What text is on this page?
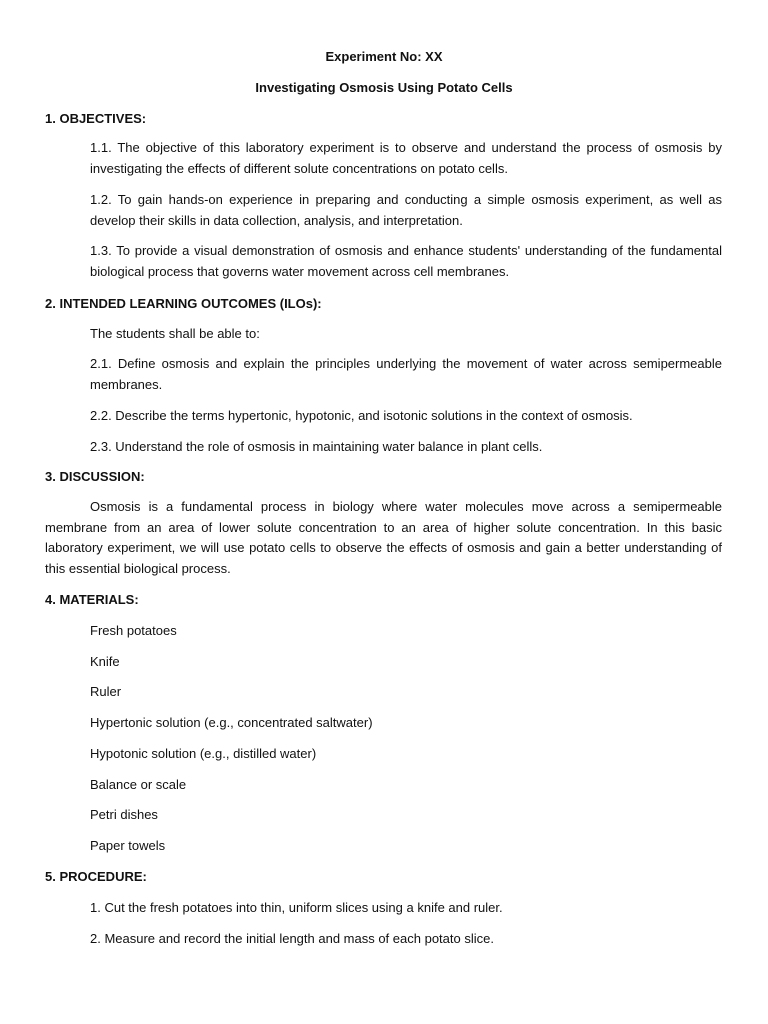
Experiment No: XX
Investigating Osmosis Using Potato Cells
1. OBJECTIVES:
1.1. The objective of this laboratory experiment is to observe and understand the process of osmosis by investigating the effects of different solute concentrations on potato cells.
1.2. To gain hands-on experience in preparing and conducting a simple osmosis experiment, as well as develop their skills in data collection, analysis, and interpretation.
1.3. To provide a visual demonstration of osmosis and enhance students' understanding of the fundamental biological process that governs water movement across cell membranes.
2. INTENDED LEARNING OUTCOMES (ILOs):
The students shall be able to:
2.1. Define osmosis and explain the principles underlying the movement of water across semipermeable membranes.
2.2. Describe the terms hypertonic, hypotonic, and isotonic solutions in the context of osmosis.
2.3. Understand the role of osmosis in maintaining water balance in plant cells.
3. DISCUSSION:
Osmosis is a fundamental process in biology where water molecules move across a semipermeable membrane from an area of lower solute concentration to an area of higher solute concentration. In this basic laboratory experiment, we will use potato cells to observe the effects of osmosis and gain a better understanding of this essential biological process.
4. MATERIALS:
Fresh potatoes
Knife
Ruler
Hypertonic solution (e.g., concentrated saltwater)
Hypotonic solution (e.g., distilled water)
Balance or scale
Petri dishes
Paper towels
5. PROCEDURE:
1. Cut the fresh potatoes into thin, uniform slices using a knife and ruler.
2. Measure and record the initial length and mass of each potato slice.
